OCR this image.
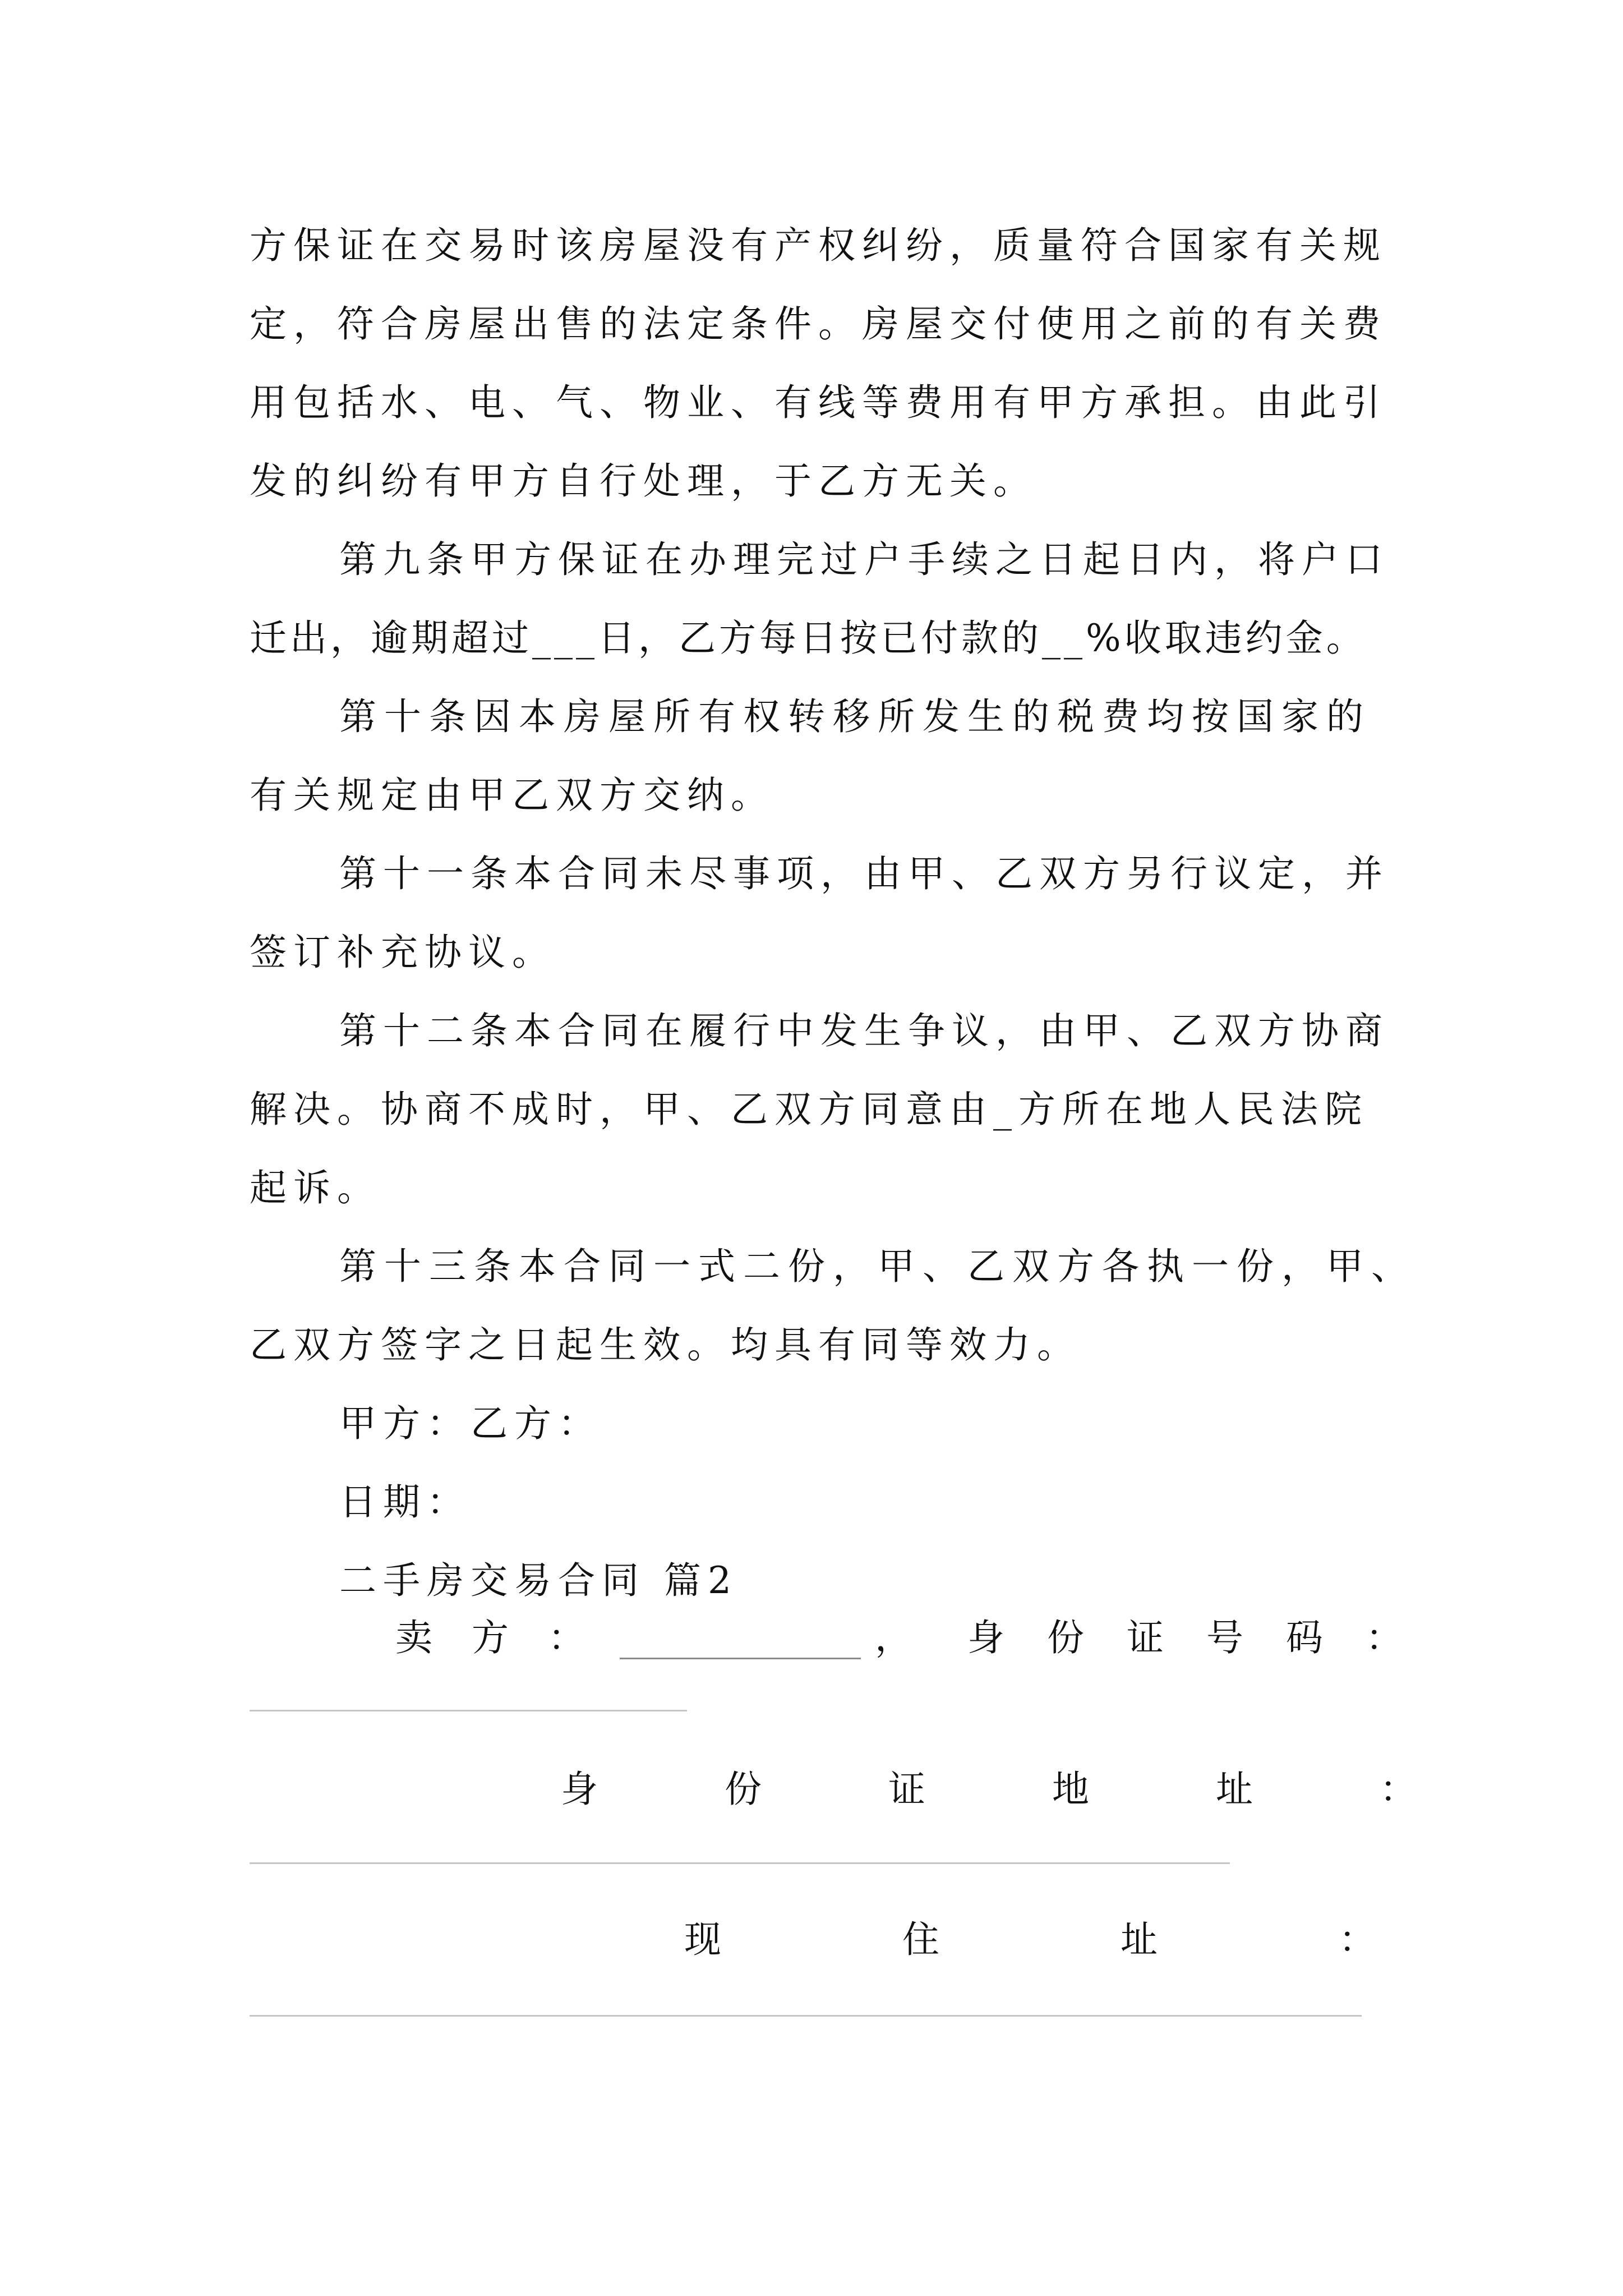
方保证在交易时该房屋没有产权纠纷，质量符合国家有关规
定，符合房屋出售的法定条件。房屋交付使用之前的有关费
用包括水、电、气、物业、有线等费用有甲方承担。由此引
发的纠纷有甲方自行处理，于乙方无关。
第九条甲方保证在办理完过户手续之日起日内，将户口
迁出，逾期超过___日，乙方每日按已付款的__%收取违约金。
第十条因本房屋所有权转移所发生的税费均按国家的
有关规定由甲乙双方交纳。
第十一条本合同未尽事项，由甲、乙双方另行议定，并
签订补充协议。
第十二条本合同在履行中发生争议，由甲、乙双方协商
解决。协商不成时，甲、乙双方同意由_方所在地人民法院
起诉。
第十三条本合同一式二份，甲、乙双方各执一份，甲、
乙双方签字之日起生效。均具有同等效力。
甲方：乙方：
日期：
二手房交易合同 篇2
卖方：	， 身份证号码：
身份证地址：
现住址：
